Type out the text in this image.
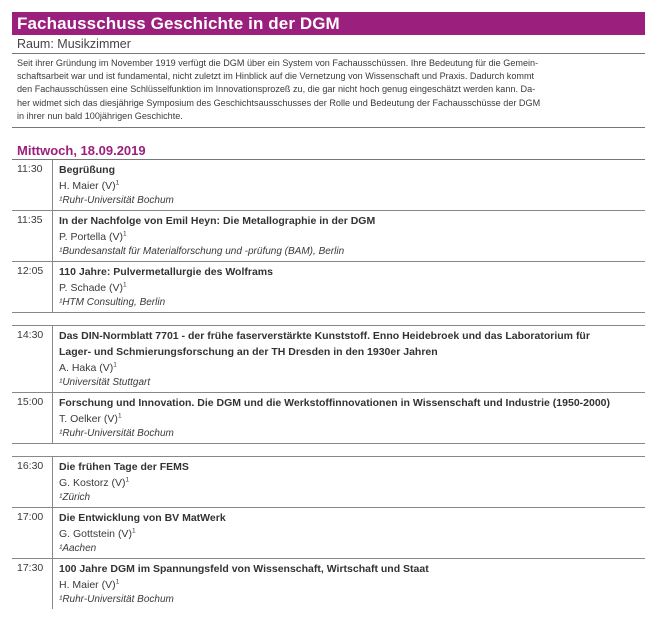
Fachausschuss Geschichte in der DGM
Raum: Musikzimmer
Seit ihrer Gründung im November 1919 verfügt die DGM über ein System von Fachausschüssen. Ihre Bedeutung für die Gemein-
schaftsarbeit war und ist fundamental, nicht zuletzt im Hinblick auf die Vernetzung von Wissenschaft und Praxis. Dadurch kommt
den Fachausschüssen eine Schlüsselfunktion im Innovationsprozeß zu, die gar nicht hoch genug eingeschätzt werden kann. Da-
her widmet sich das diesjährige Symposium des Geschichtsausschusses der Rolle und Bedeutung der Fachausschüsse der DGM
in ihrer nun bald 100jährigen Geschichte.
Mittwoch, 18.09.2019
11:30	Begrüßung
H. Maier $(V)^1$
¹Ruhr-Universität Bochum
11:35	In der Nachfolge von Emil Heyn: Die Metallographie in der DGM
P. Portella $(V)^1$
¹Bundesanstalt für Materialforschung und -prüfung (BAM), Berlin
12:05	110 Jahre: Pulvermetallurgie des Wolframs
P. Schade $(V)^1$
¹HTM Consulting, Berlin
14:30	Das DIN-Normblatt 7701 - der frühe faserverstärkte Kunststoff. Enno Heidebroek und das Laboratorium für
Lager- und Schmierungsforschung an der TH Dresden in den 1930er Jahren
A. Haka $(V)^1$
¹Universität Stuttgart
15:00	Forschung und Innovation. Die DGM und die Werkstoffinnovationen in Wissenschaft und Industrie (1950-2000)
T. Oelker $(V)^1$
¹Ruhr-Universität Bochum
16:30	Die frühen Tage der FEMS
G. Kostorz $(V)^1$
¹Zürich
17:00	Die Entwicklung von BV MatWerk
G. Gottstein $(V)^1$
¹Aachen
17:30	100 Jahre DGM im Spannungsfeld von Wissenschaft, Wirtschaft und Staat
H. Maier $(V)^1$
¹Ruhr-Universität Bochum
